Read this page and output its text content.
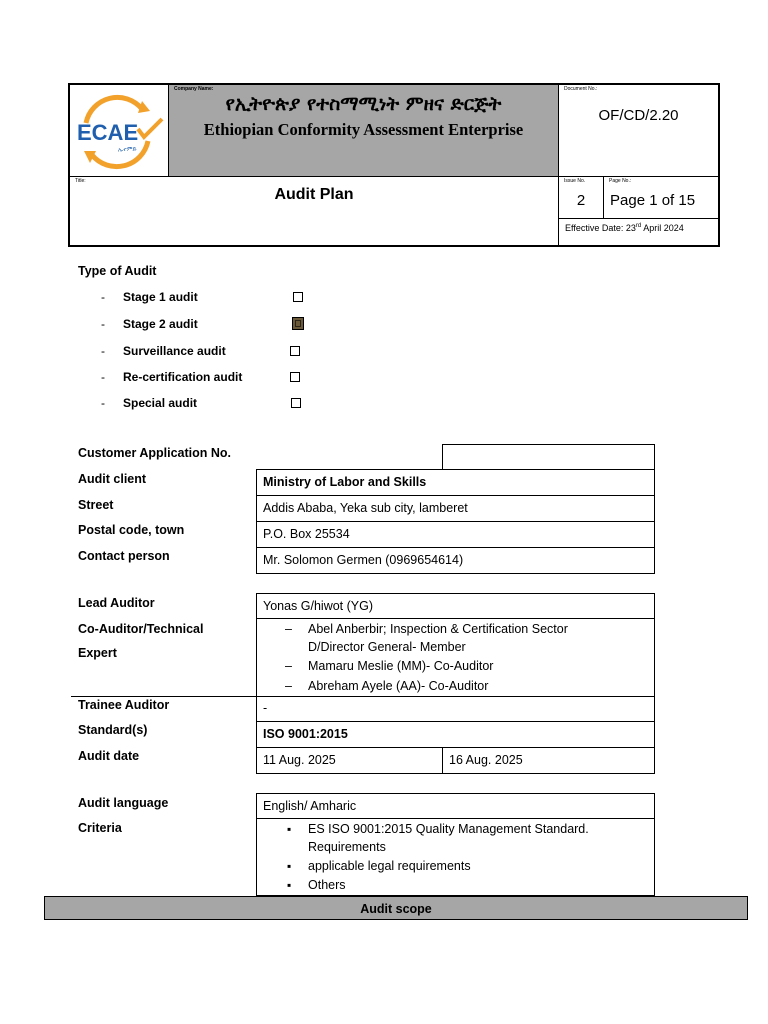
ECAE
ኢተምድ
Company Name:
የኢትዮጵያ የተስማሚነት ምዘና ድርጅት
Ethiopian Conformity Assessment Enterprise
Document No.:
OF/CD/2.20
Title:
Audit Plan
Issue No.
2
Page No.:
Page 1 of 15
Effective Date: 23rd April 2024
Type of Audit
- Stage 1 audit
- Stage 2 audit
- Surveillance audit
- Re-certification audit
- Special audit
Customer Application No.
Audit client	Ministry of Labor and Skills
Street	Addis Ababa, Yeka sub city, lamberet
Postal code, town	P.O. Box 25534
Contact person	Mr. Solomon Germen (0969654614)
Lead Auditor	Yonas G/hiwot (YG)
Co-Auditor/Technical
Expert
– Abel Anberbir; Inspection & Certification Sector
D/Director General- Member
– Mamaru Meslie (MM)- Co-Auditor
– Abreham Ayele (AA)- Co-Auditor
Trainee Auditor	-
Standard(s)	ISO 9001:2015
Audit date	11 Aug. 2025	16 Aug. 2025
Audit language	English/ Amharic
Criteria	▪ ES ISO 9001:2015 Quality Management Standard.
Requirements
▪ applicable legal requirements
▪ Others
Audit scope
